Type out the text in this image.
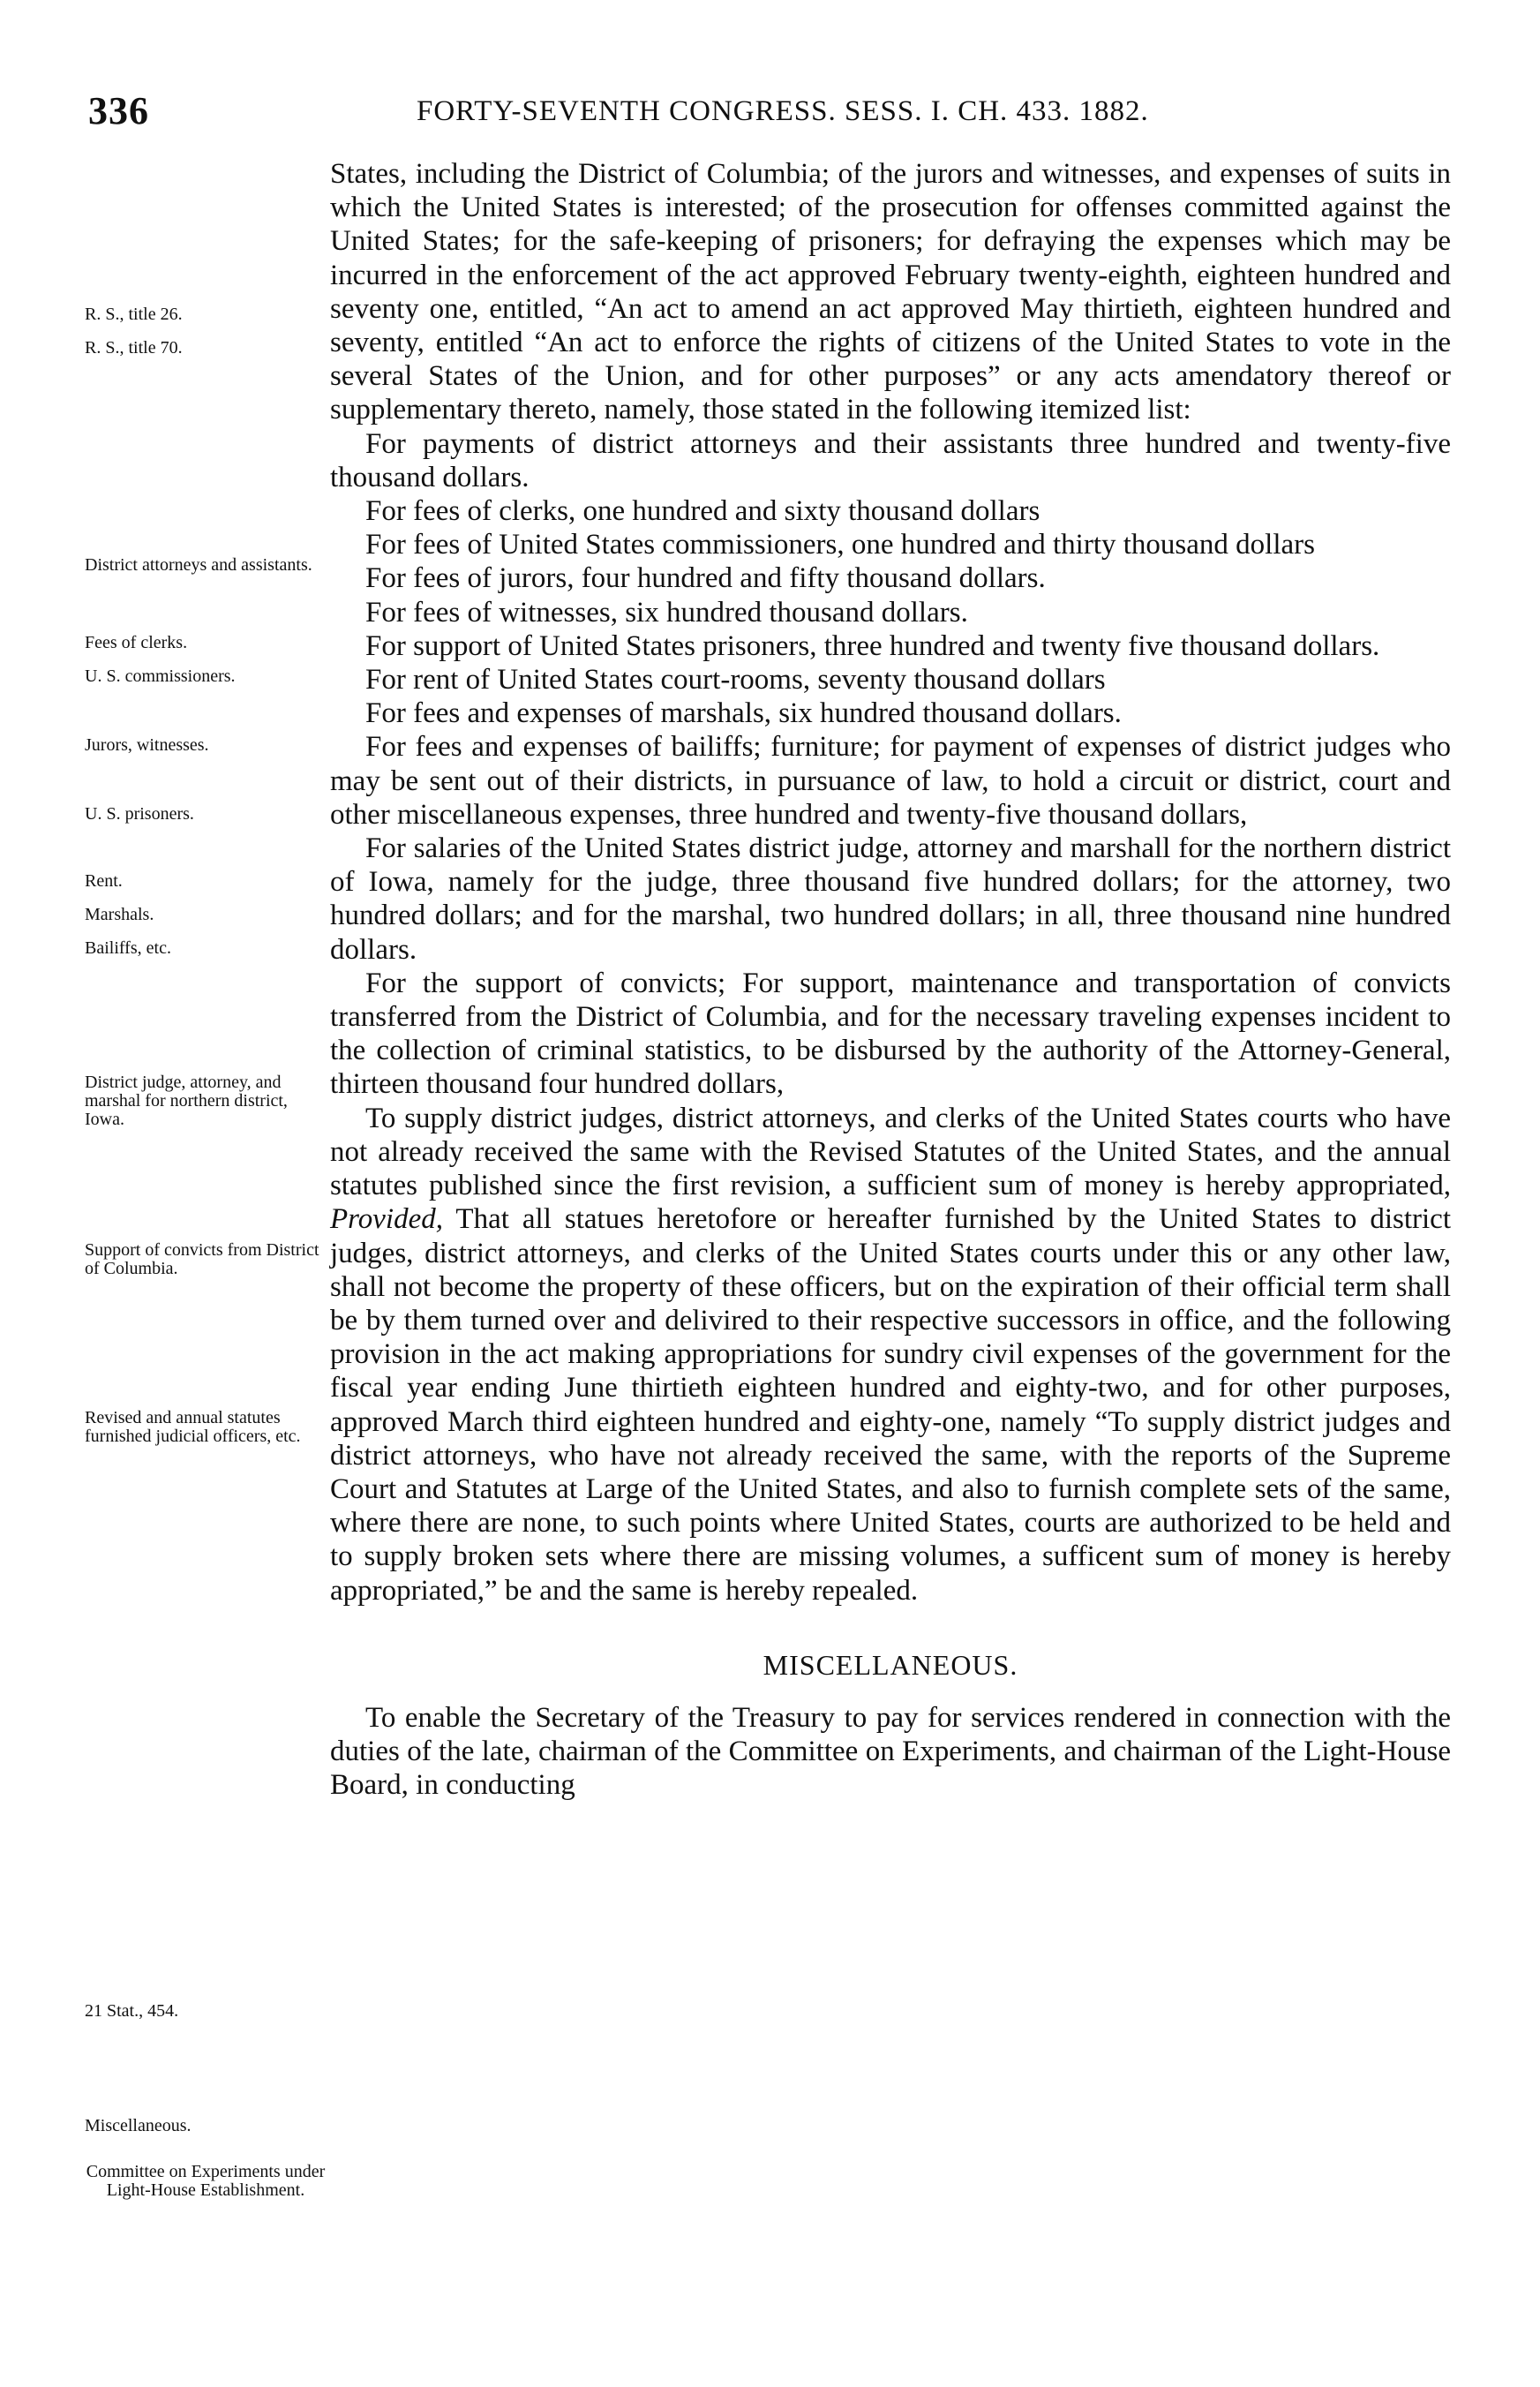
336	FORTY-SEVENTH CONGRESS. SESS. I. CH. 433. 1882.

R. S., title 26.

R. S., title 70.

District attorneys and assistants.

Fees of clerks.

U. S. commissioners.

Jurors, witnesses.

U. S. prisoners.

Rent.

Marshals.

Bailiffs, etc.

District judge, attorney, and marshal for northern district, Iowa.

Support of convicts from District of Columbia.

Revised and annual statutes furnished judicial officers, etc.

21 Stat., 454.

Miscellaneous.

Committee on Experiments under Light-House Establishment.

States, including the District of Columbia; of the jurors and witnesses, and expenses of suits in which the United States is interested; of the prosecution for offenses committed against the United States; for the safe-keeping of prisoners; for defraying the expenses which may be incurred in the enforcement of the act approved February twenty-eighth, eighteen hundred and seventy one, entitled, “An act to amend an act approved May thirtieth, eighteen hundred and seventy, entitled “An act to enforce the rights of citizens of the United States to vote in the several States of the Union, and for other purposes” or any acts amendatory thereof or supplementary thereto, namely, those stated in the following itemized list:

For payments of district attorneys and their assistants three hundred and twenty-five thousand dollars.

For fees of clerks, one hundred and sixty thousand dollars

For fees of United States commissioners, one hundred and thirty thousand dollars

For fees of jurors, four hundred and fifty thousand dollars.

For fees of witnesses, six hundred thousand dollars.

For support of United States prisoners, three hundred and twenty five thousand dollars.

For rent of United States court-rooms, seventy thousand dollars

For fees and expenses of marshals, six hundred thousand dollars.

For fees and expenses of bailiffs; furniture; for payment of expenses of district judges who may be sent out of their districts, in pursuance of law, to hold a circuit or district, court and other miscellaneous expenses, three hundred and twenty-five thousand dollars,

For salaries of the United States district judge, attorney and marshall for the northern district of Iowa, namely for the judge, three thousand five hundred dollars; for the attorney, two hundred dollars; and for the marshal, two hundred dollars; in all, three thousand nine hundred dollars.

For the support of convicts; For support, maintenance and transportation of convicts transferred from the District of Columbia, and for the necessary traveling expenses incident to the collection of criminal statistics, to be disbursed by the authority of the Attorney-General, thirteen thousand four hundred dollars,

To supply district judges, district attorneys, and clerks of the United States courts who have not already received the same with the Revised Statutes of the United States, and the annual statutes published since the first revision, a sufficient sum of money is hereby appropriated, Provided, That all statues heretofore or hereafter furnished by the United States to district judges, district attorneys, and clerks of the United States courts under this or any other law, shall not become the property of these officers, but on the expiration of their official term shall be by them turned over and delivired to their respective successors in office, and the following provision in the act making appropriations for sundry civil expenses of the government for the fiscal year ending June thirtieth eighteen hundred and eighty-two, and for other purposes, approved March third eighteen hundred and eighty-one, namely “To supply district judges and district attorneys, who have not already received the same, with the reports of the Supreme Court and Statutes at Large of the United States, and also to furnish complete sets of the same, where there are none, to such points where United States, courts are authorized to be held and to supply broken sets where there are missing volumes, a sufficent sum of money is hereby appropriated,” be and the same is hereby repealed.

MISCELLANEOUS.

To enable the Secretary of the Treasury to pay for services rendered in connection with the duties of the late, chairman of the Committee on Experiments, and chairman of the Light-House Board, in conducting
